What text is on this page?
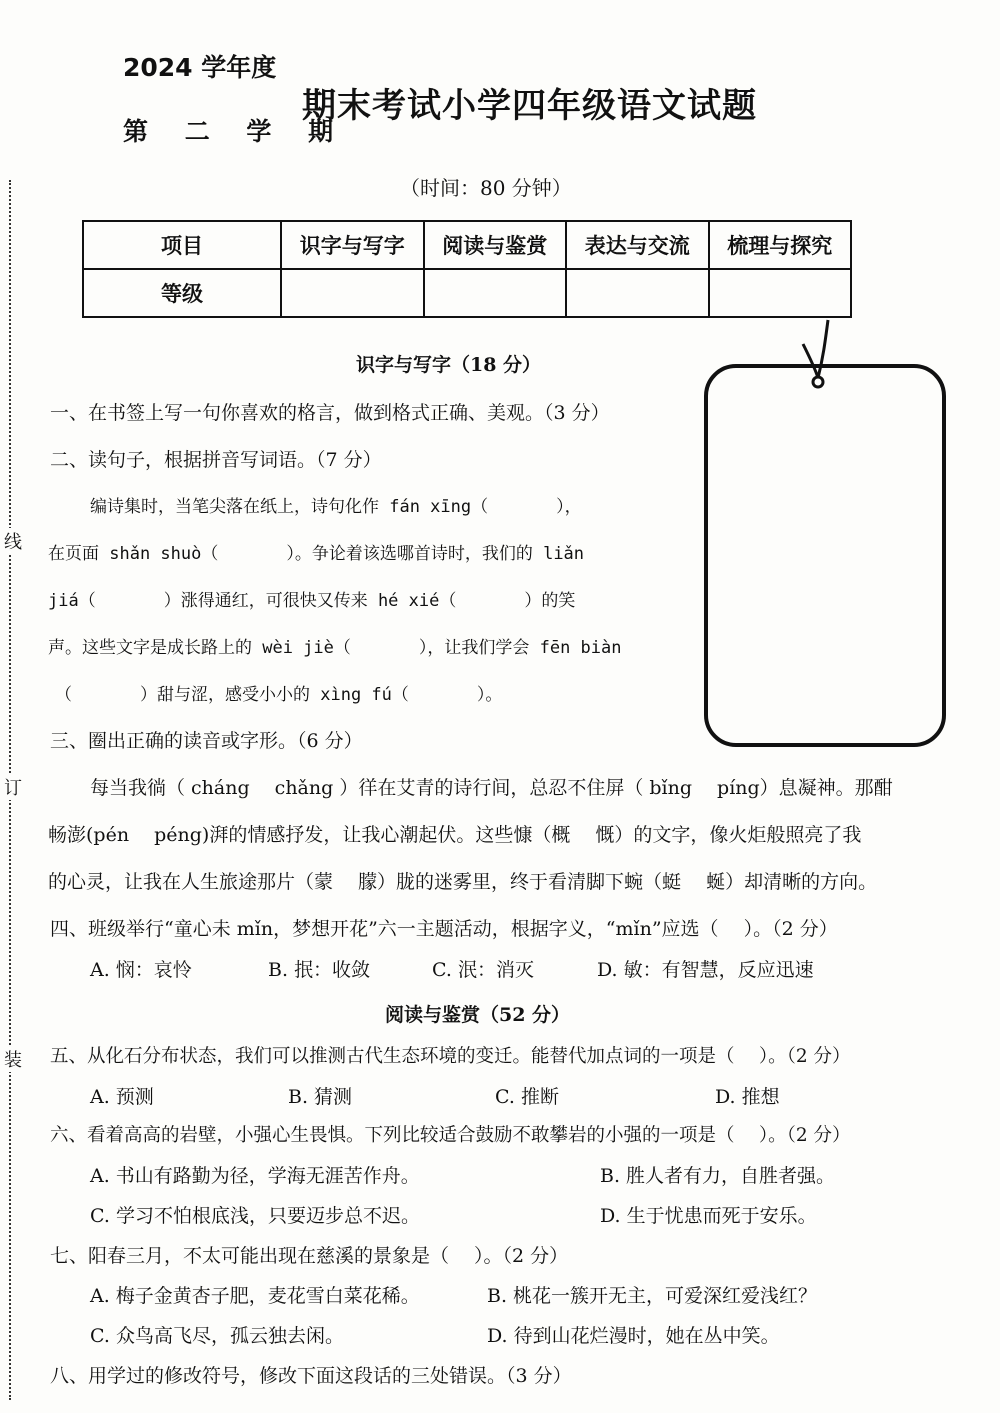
2024 学年度
第 二 学 期
期末考试小学四年级语文试题
（时间：80 分钟）
线
订
装
项目	识字与写字	阅读与鉴赏	表达与交流	梳理与探究
等级				
识字与写字（18 分）
一、在书签上写一句你喜欢的格言，做到格式正确、美观。（3 分）
二、读句子，根据拼音写词语。（7 分）
编诗集时，当笔尖落在纸上，诗句化作 fán xīng（　　　　），
在页面 shǎn shuò（　　　　）。争论着该选哪首诗时，我们的 liǎn
jiá（　　　　）涨得通红，可很快又传来 hé xié（　　　　）的笑
声。这些文字是成长路上的 wèi jiè（　　　　），让我们学会 fēn biàn
（　　　　）甜与涩，感受小小的 xìng fú（　　　　）。
三、圈出正确的读音或字形。（6 分）
每当我徜（ cháng　 chǎng ）徉在艾青的诗行间，总忍不住屏（ bǐng　 píng）息凝神。那酣
畅澎(pén　 péng)湃的情感抒发，让我心潮起伏。这些慷（概　 慨）的文字，像火炬般照亮了我
的心灵，让我在人生旅途那片（蒙　 朦）胧的迷雾里，终于看清脚下蜿（蜓　 蜒）却清晰的方向。
四、班级举行“童心未 mǐn，梦想开花”六一主题活动，根据字义，“mǐn”应选（　 ）。（2 分）
A. 悯：哀怜	B. 抿：收敛	C. 泯：消灭	D. 敏：有智慧，反应迅速
阅读与鉴赏（52 分）
五、从化石分布状态，我们可以推测古代生态环境的变迁。能替代加点词的一项是（　 ）。（2 分）
A. 预测	B. 猜测	C. 推断	D. 推想
六、看着高高的岩壁，小强心生畏惧。下列比较适合鼓励不敢攀岩的小强的一项是（　 ）。（2 分）
A. 书山有路勤为径，学海无涯苦作舟。	B. 胜人者有力，自胜者强。
C. 学习不怕根底浅，只要迈步总不迟。	D. 生于忧患而死于安乐。
七、阳春三月，不太可能出现在慈溪的景象是（　 ）。（2 分）
A. 梅子金黄杏子肥，麦花雪白菜花稀。	B. 桃花一簇开无主，可爱深红爱浅红？
C. 众鸟高飞尽，孤云独去闲。	D. 待到山花烂漫时，她在丛中笑。
八、用学过的修改符号，修改下面这段话的三处错误。（3 分）
